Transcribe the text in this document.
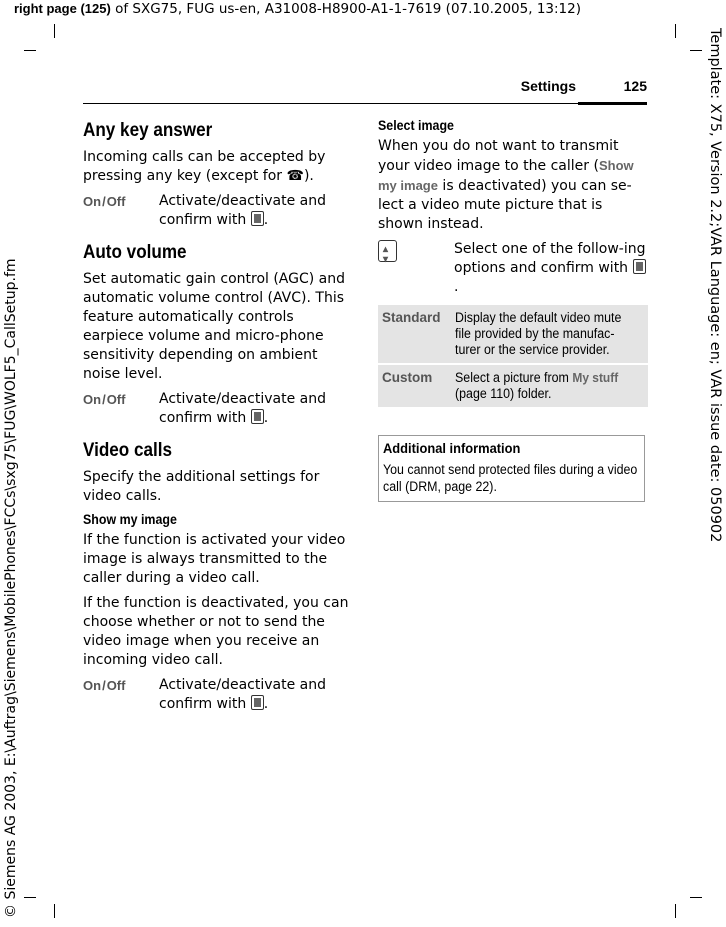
right page (125) of SXG75, FUG us-en, A31008-H8900-A1-1-7619 (07.10.2005, 13:12)
© Siemens AG 2003, E:\Auftrag\Siemens\MobilePhones\FCCs\sxg75\FUG\WOLF5_CallSetup.fm	Template: X75, Version 2.2;VAR Language: en; VAR issue date: 050902
Settings	125
Any key answer

Incoming calls can be accepted by pressing any key (except for ☎).

On/Off	Activate/deactivate and confirm with .
Auto volume

Set automatic gain control (AGC) and automatic volume control (AVC). This feature automatically controls earpiece volume and micro-phone sensitivity depending on ambient noise level.

On/Off	Activate/deactivate and confirm with .
Video calls

Specify the additional settings for video calls.

Show my image

If the function is activated your video image is always transmitted to the caller during a video call.

If the function is deactivated, you can choose whether or not to send the video image when you receive an incoming video call.

On/Off	Activate/deactivate and confirm with .
Select image

When you do not want to transmit your video image to the caller (Show my image is deactivated) you can se-lect a video mute picture that is shown instead.

▴ ▾
Select one of the follow-ing options and confirm with .
Standard	Display the default video mute file provided by the manufac-turer or the service provider.
Custom	Select a picture from My stuff (page 110) folder.
Additional information
You cannot send protected files during a video call (DRM, page 22).
